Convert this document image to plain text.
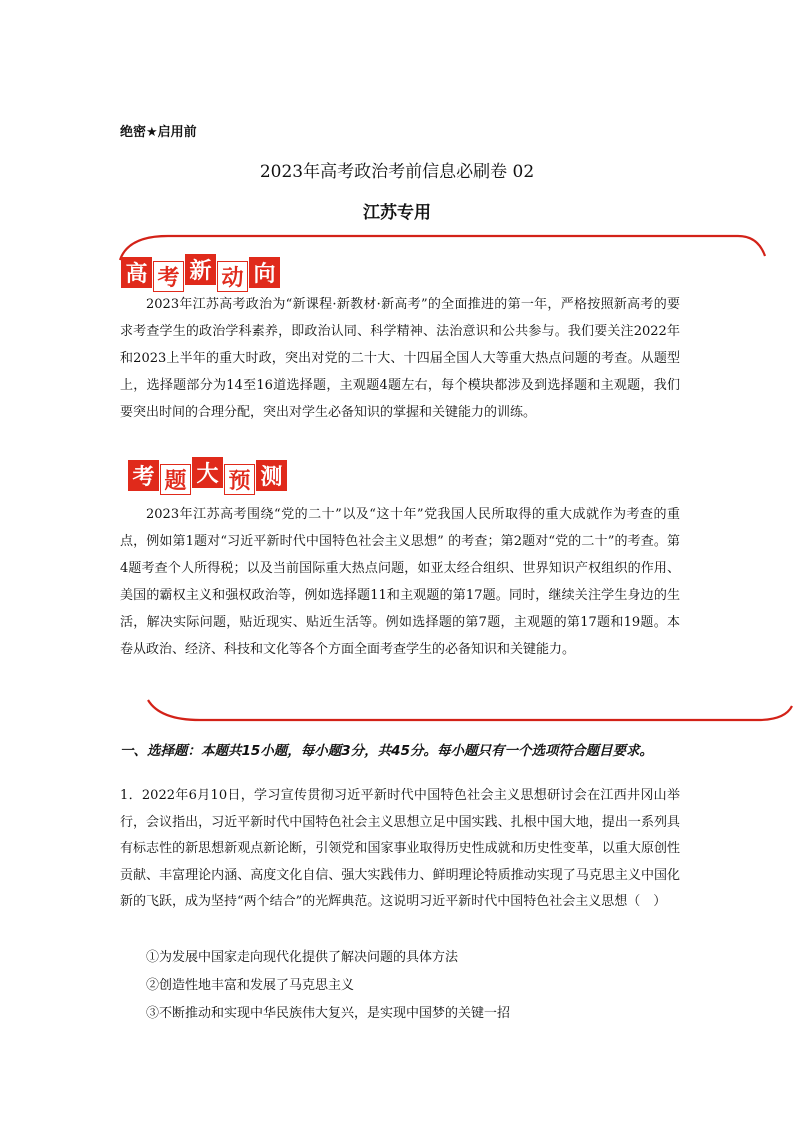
绝密★启用前
2023年高考政治考前信息必刷卷 02
江苏专用
高 考 新 动 向

2023年江苏高考政治为“新课程·新教材·新高考”的全面推进的第一年，严格按照新高考的要求考查学生的政治学科素养，即政治认同、科学精神、法治意识和公共参与。我们要关注2022年和2023上半年的重大时政，突出对党的二十大、十四届全国人大等重大热点问题的考查。从题型上，选择题部分为14至16道选择题，主观题4题左右，每个模块都涉及到选择题和主观题，我们要突出时间的合理分配，突出对学生必备知识的掌握和关键能力的训练。

考 题 大 预 测

2023年江苏高考围绕“党的二十”以及“这十年”党我国人民所取得的重大成就作为考查的重点，例如第1题对“习近平新时代中国特色社会主义思想” 的考查；第2题对“党的二十”的考查。第4题考查个人所得税；以及当前国际重大热点问题，如亚太经合组织、世界知识产权组织的作用、美国的霸权主义和强权政治等，例如选择题11和主观题的第17题。同时，继续关注学生身边的生活，解决实际问题，贴近现实、贴近生活等。例如选择题的第7题，主观题的第17题和19题。本卷从政治、经济、科技和文化等各个方面全面考查学生的必备知识和关键能力。

一、选择题：本题共15小题，每小题3分，共45分。每小题只有一个选项符合题目要求。

1．2022年6月10日，学习宣传贯彻习近平新时代中国特色社会主义思想研讨会在江西井冈山举行，会议指出，习近平新时代中国特色社会主义思想立足中国实践、扎根中国大地，提出一系列具有标志性的新思想新观点新论断，引领党和国家事业取得历史性成就和历史性变革，以重大原创性贡献、丰富理论内涵、高度文化自信、强大实践伟力、鲜明理论特质推动实现了马克思主义中国化新的飞跃，成为坚持“两个结合”的光辉典范。这说明习近平新时代中国特色社会主义思想（　）

①为发展中国家走向现代化提供了解决问题的具体方法
②创造性地丰富和发展了马克思主义
③不断推动和实现中华民族伟大复兴，是实现中国梦的关键一招
